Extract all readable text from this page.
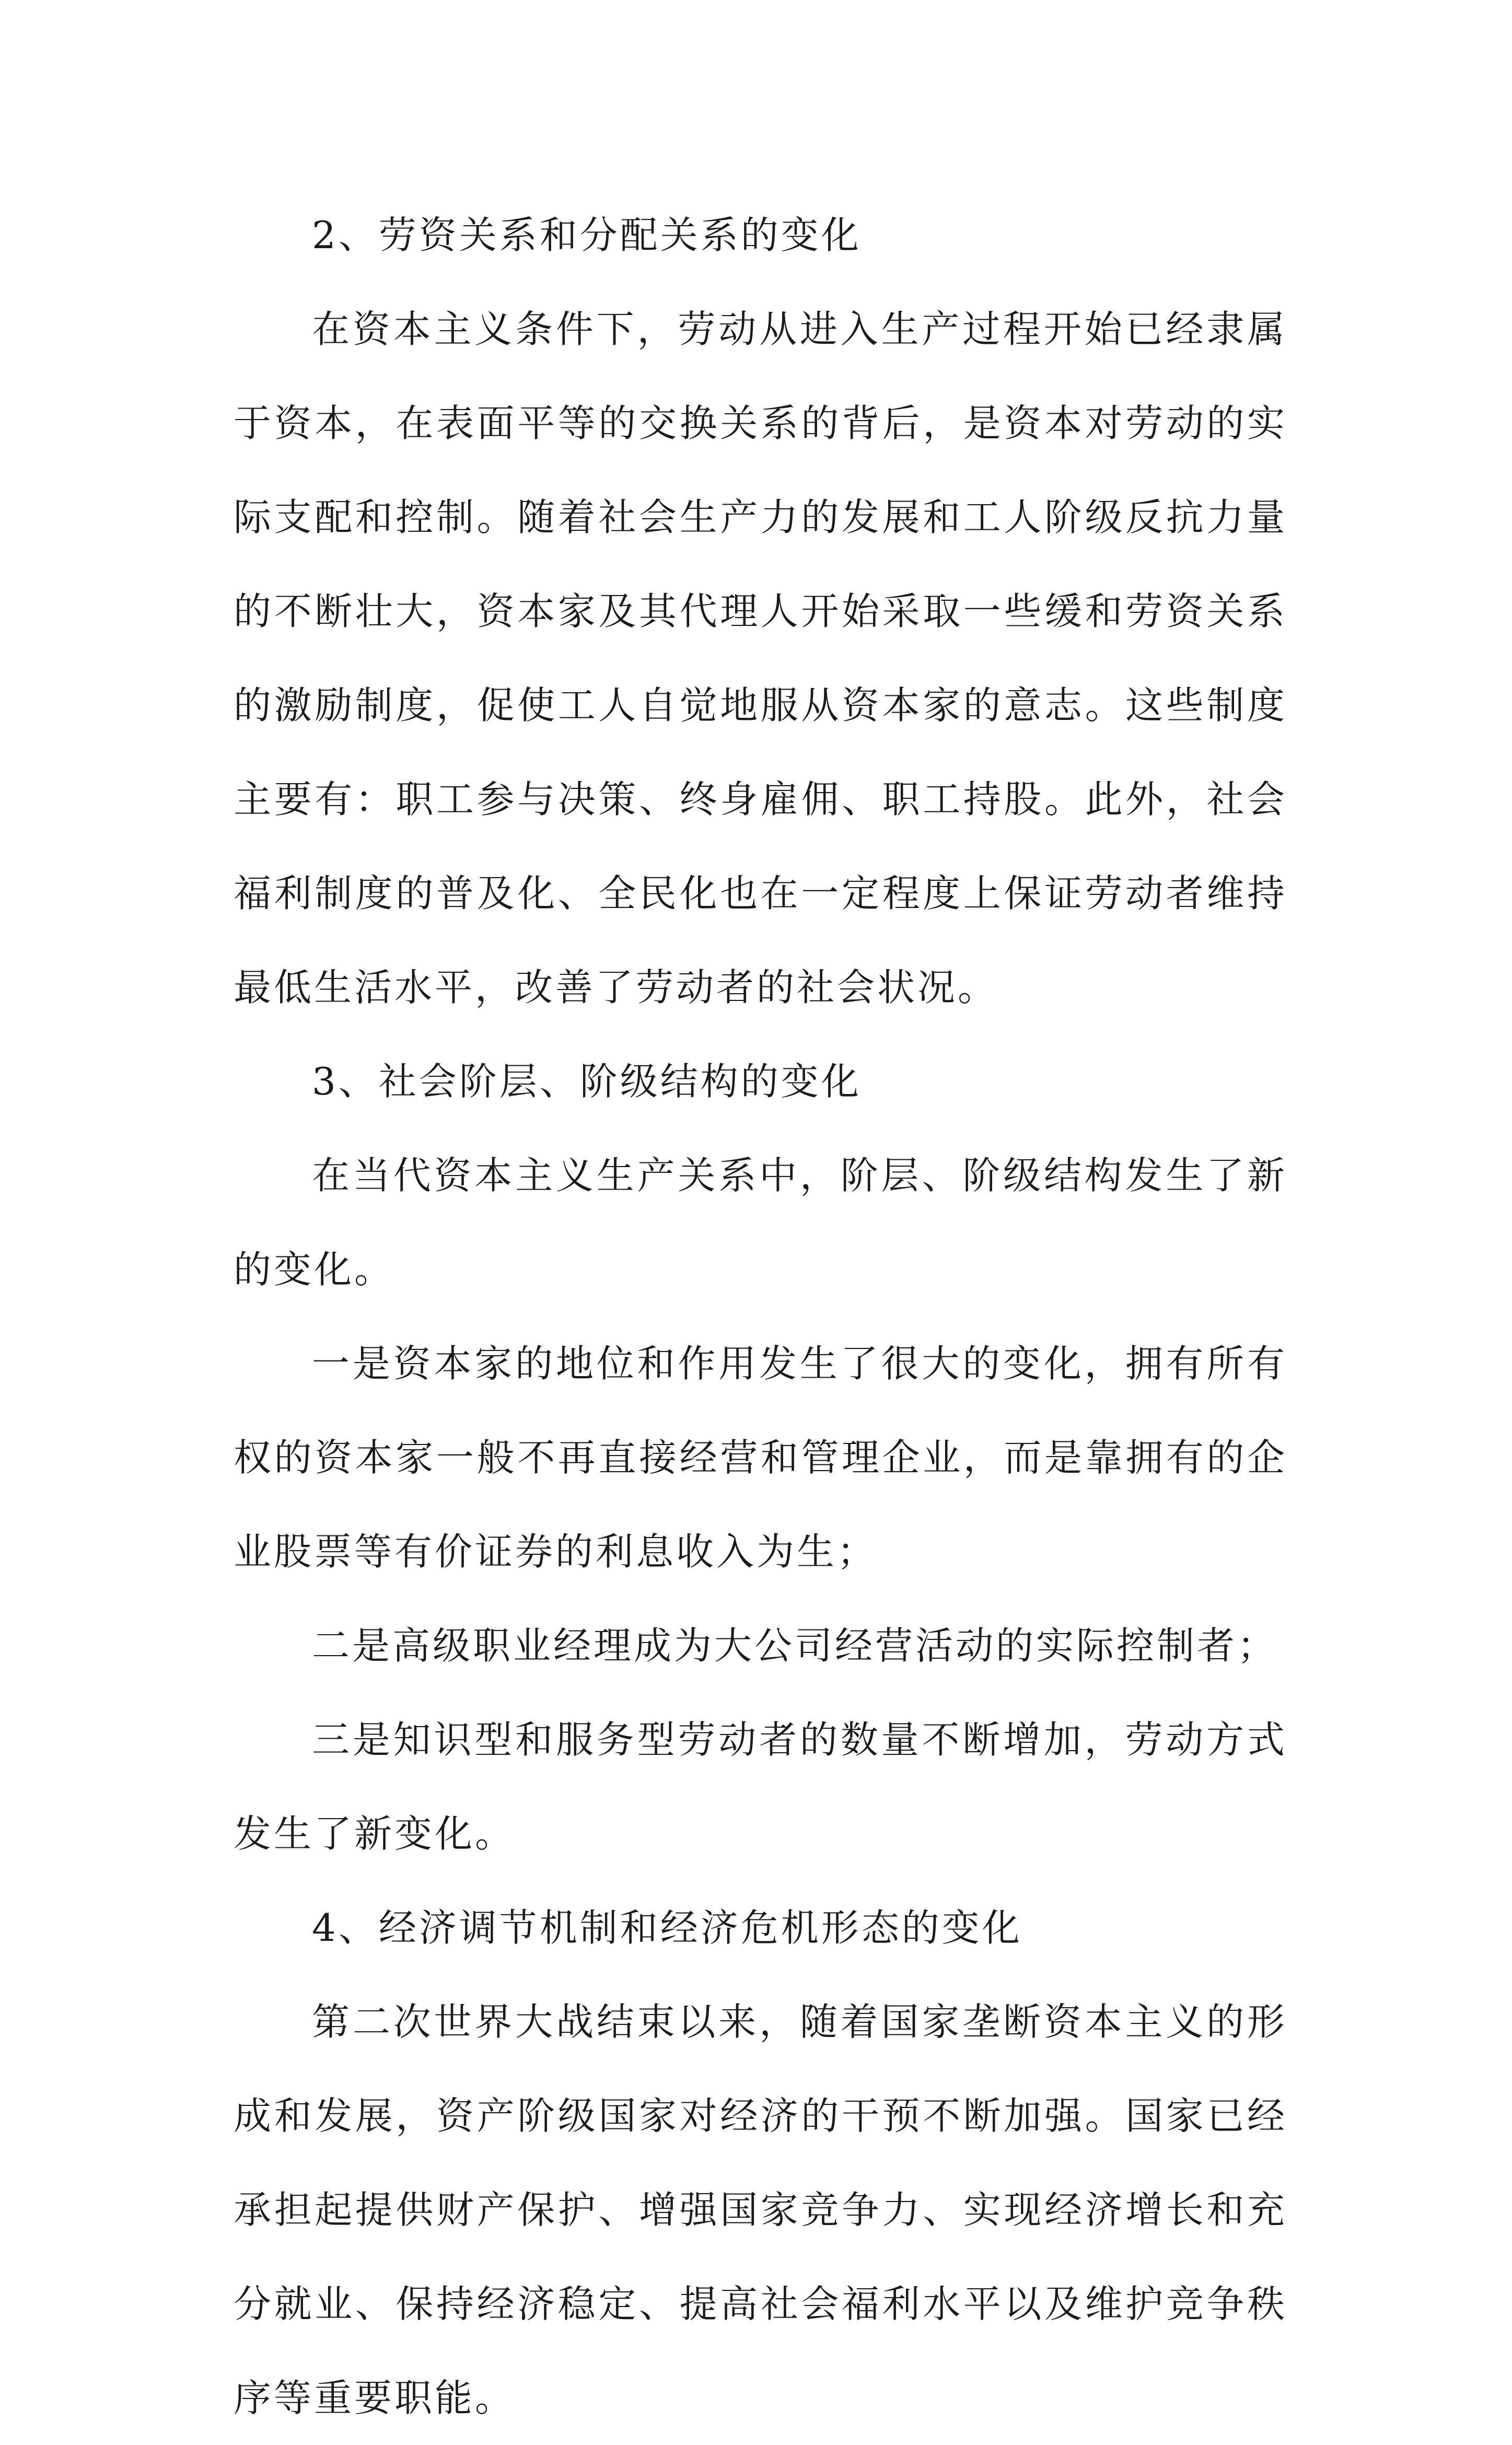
2、劳资关系和分配关系的变化

在资本主义条件下，劳动从进入生产过程开始已经隶属于资本，在表面平等的交换关系的背后，是资本对劳动的实际支配和控制。随着社会生产力的发展和工人阶级反抗力量的不断壮大，资本家及其代理人开始采取一些缓和劳资关系的激励制度，促使工人自觉地服从资本家的意志。这些制度主要有：职工参与决策、终身雇佣、职工持股。此外，社会福利制度的普及化、全民化也在一定程度上保证劳动者维持最低生活水平，改善了劳动者的社会状况。

3、社会阶层、阶级结构的变化

在当代资本主义生产关系中，阶层、阶级结构发生了新的变化。

一是资本家的地位和作用发生了很大的变化，拥有所有权的资本家一般不再直接经营和管理企业，而是靠拥有的企业股票等有价证券的利息收入为生；

二是高级职业经理成为大公司经营活动的实际控制者；

三是知识型和服务型劳动者的数量不断增加，劳动方式发生了新变化。

4、经济调节机制和经济危机形态的变化

第二次世界大战结束以来，随着国家垄断资本主义的形成和发展，资产阶级国家对经济的干预不断加强。国家已经承担起提供财产保护、增强国家竞争力、实现经济增长和充分就业、保持经济稳定、提高社会福利水平以及维护竞争秩序等重要职能。
